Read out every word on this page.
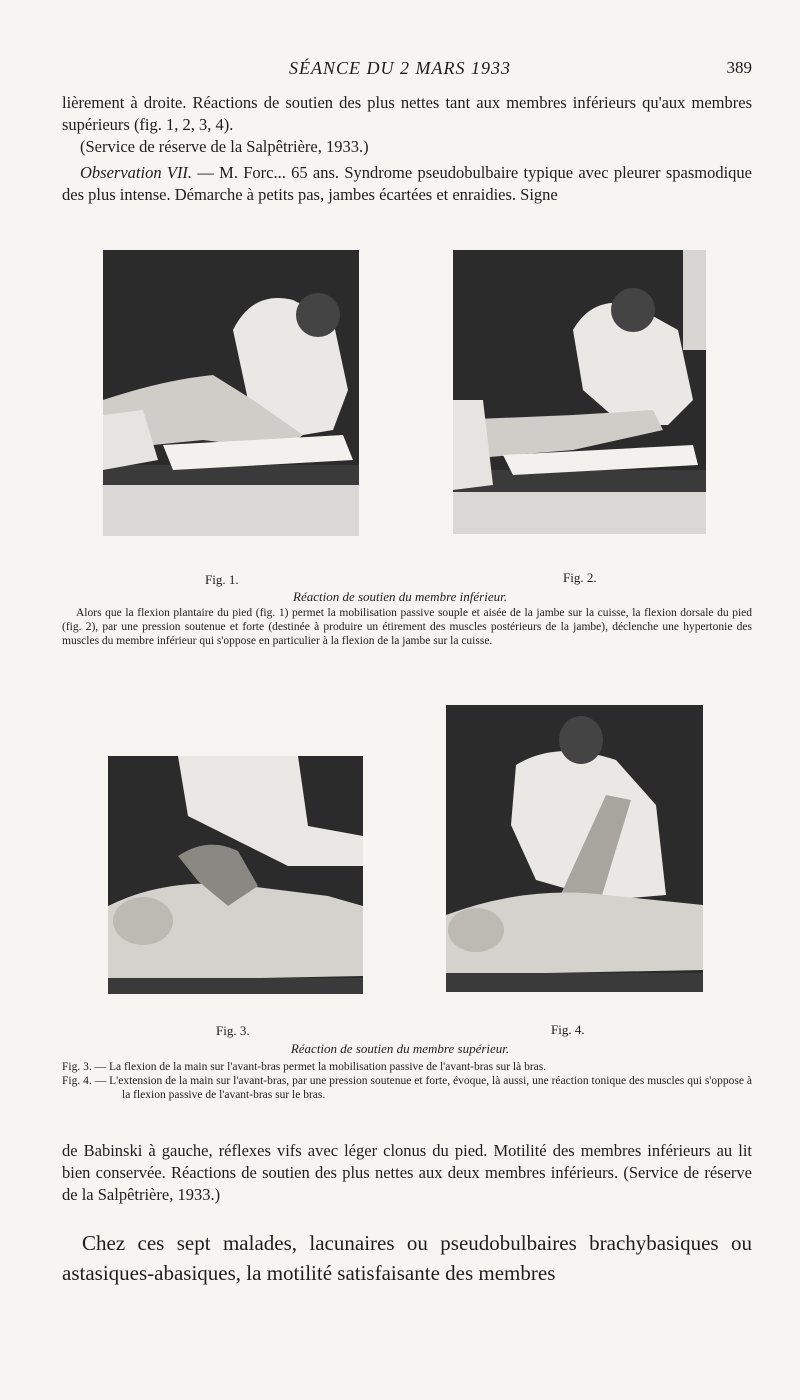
SÉANCE DU 2 MARS 1933	389

lièrement à droite. Réactions de soutien des plus nettes tant aux membres inférieurs qu'aux membres supérieurs (fig. 1, 2, 3, 4).

(Service de réserve de la Salpêtrière, 1933.)

Observation VII. — M. Forc... 65 ans. Syndrome pseudobulbaire typique avec pleurer spasmodique des plus intense. Démarche à petits pas, jambes écartées et enraidies. Signe

Fig. 1.	Fig. 2.
Réaction de soutien du membre inférieur.

Alors que la flexion plantaire du pied (fig. 1) permet la mobilisation passive souple et aisée de la jambe sur la cuisse, la flexion dorsale du pied (fig. 2), par une pression soutenue et forte (destinée à produire un étirement des muscles postérieurs de la jambe), déclenche une hypertonie des muscles du membre inférieur qui s'oppose en particulier à la flexion de la jambe sur la cuisse.

Fig. 3.	Fig. 4.
Réaction de soutien du membre supérieur.

Fig. 3. — La flexion de la main sur l'avant-bras permet la mobilisation passive de l'avant-bras sur là bras.

Fig. 4. — L'extension de la main sur l'avant-bras, par une pression soutenue et forte, évoque, là aussi, une réaction tonique des muscles qui s'oppose à la flexion passive de l'avant-bras sur le bras.

de Babinski à gauche, réflexes vifs avec léger clonus du pied. Motilité des membres inférieurs au lit bien conservée. Réactions de soutien des plus nettes aux deux membres inférieurs. (Service de réserve de la Salpêtrière, 1933.)

Chez ces sept malades, lacunaires ou pseudobulbaires brachybasiques ou astasiques-abasiques, la motilité satisfaisante des membres
